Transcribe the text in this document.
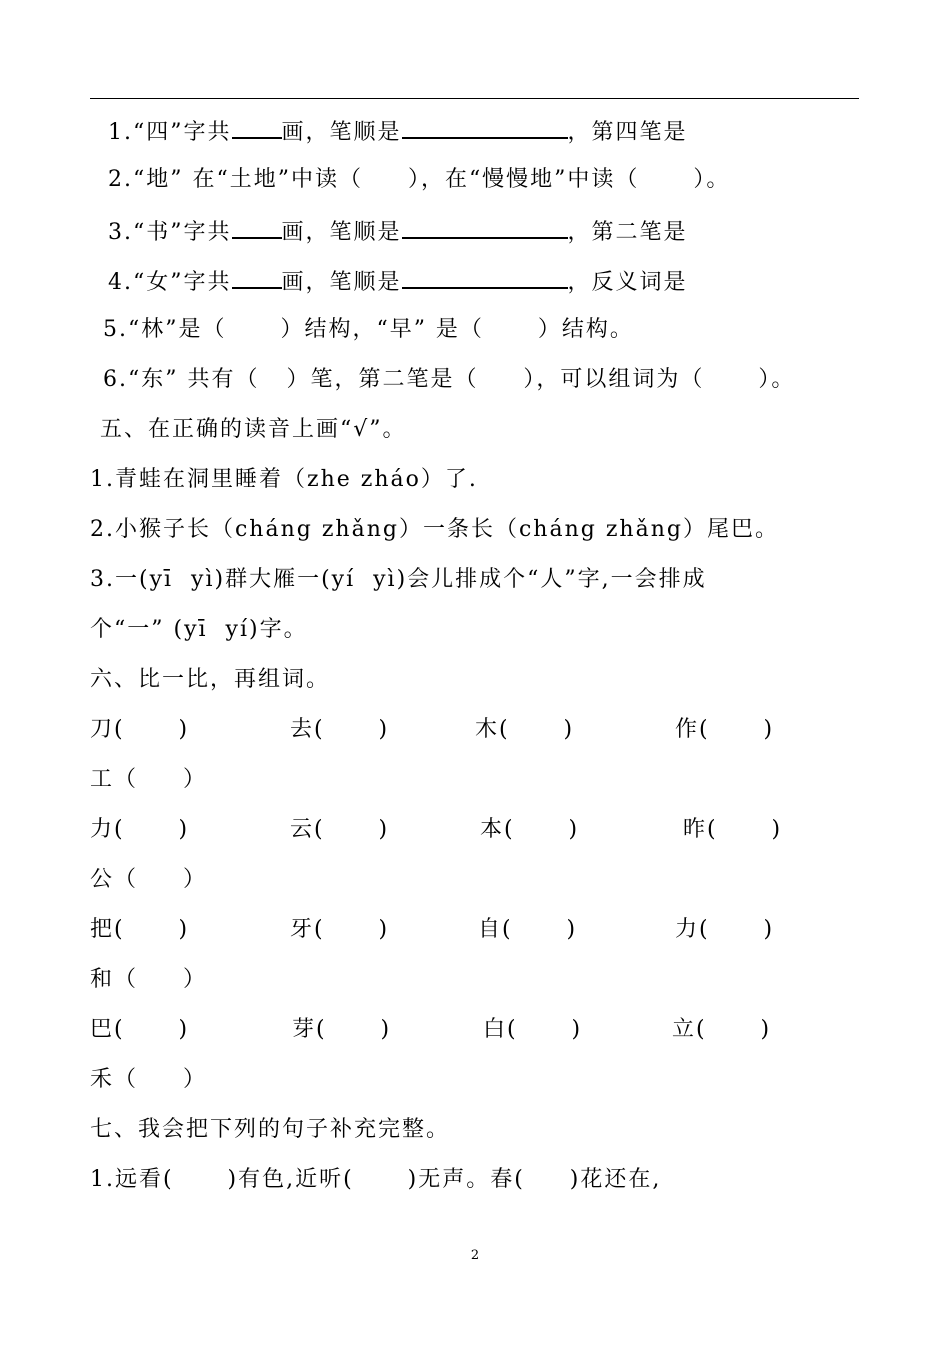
1.“四”字共 画，笔顺是	，第四笔是
2.“地” 在“土地”中读（     ），在“慢慢地”中读（      ）。
3.“书”字共 画，笔顺是	，第二笔是
4.“女”字共 画，笔顺是	，反义词是
5.“林”是（      ）结构，“早” 是（      ）结构。
6.“东” 共有（   ）笔，第二笔是（     ），可以组词为（      ）。
五、在正确的读音上画“√”。
1.青蛙在洞里睡着（zhe zháo）了.
2.小猴子长（cháng zhǎng）一条长（cháng zhǎng）尾巴。
3.一(yī  yì)群大雁一(yí  yì)会儿排成个“人”字,一会排成
个“一” (yī  yí)字。
六、比一比，再组词。
刀(      )	去(      )	木(      )	作(      )
工（     ）
力(      )	云(      )	本(      )	昨(      )
公（     ）
把(      )	牙(      )	自(      )	力(      )
和（     ）
巴(      )	芽(      )	白(      )	立(      )
禾（     ）
七、我会把下列的句子补充完整。
1.远看(      )有色,近听(      )无声。春(     )花还在,
2
